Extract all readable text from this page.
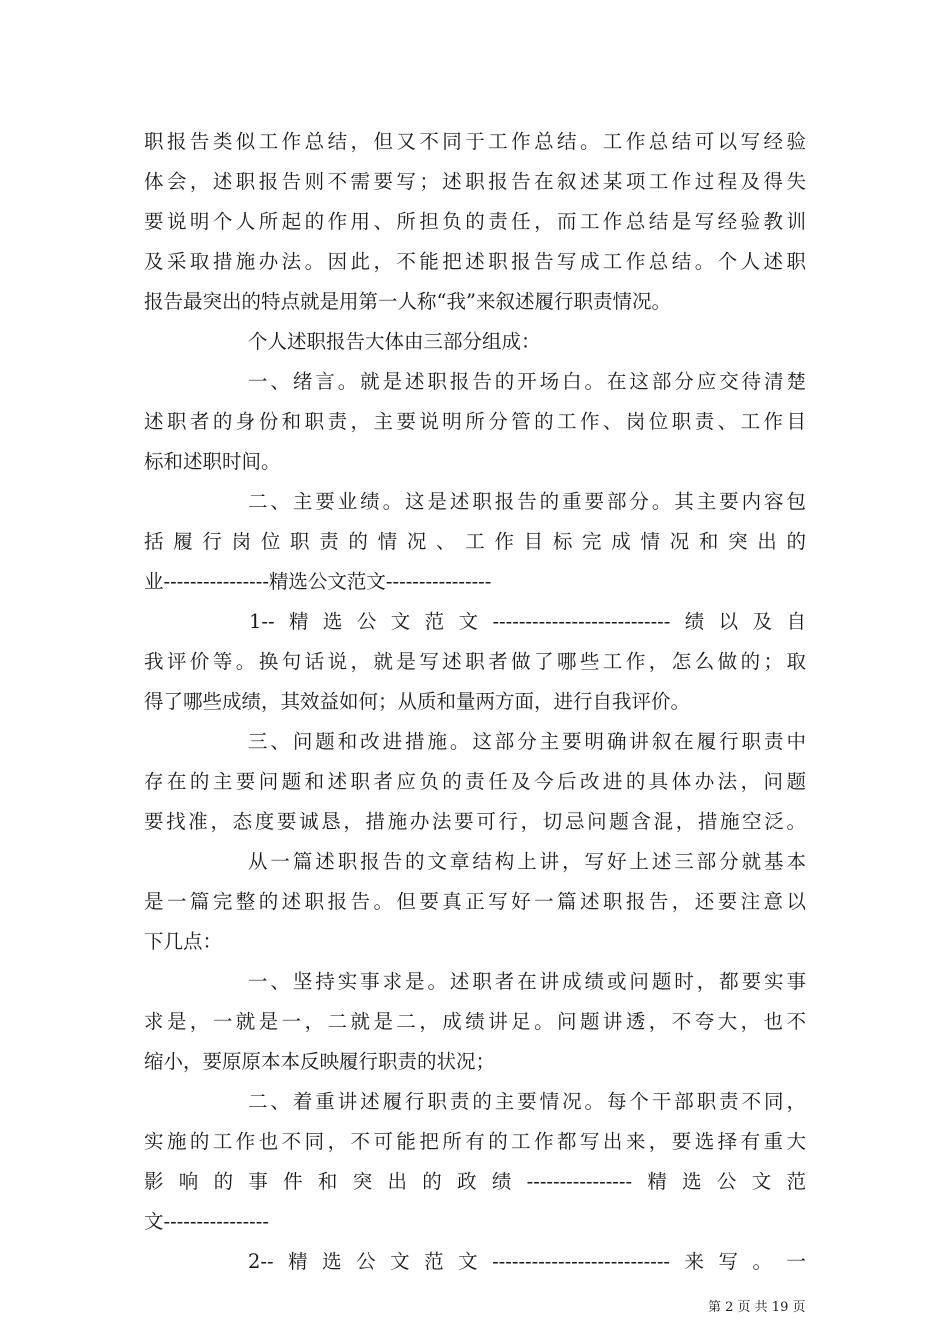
职报告类似工作总结，但又不同于工作总结。工作总结可以写经验
体会，述职报告则不需要写；述职报告在叙述某项工作过程及得失
要说明个人所起的作用、所担负的责任，而工作总结是写经验教训
及采取措施办法。因此，不能把述职报告写成工作总结。个人述职
报告最突出的特点就是用第一人称“我”来叙述履行职责情况。
个人述职报告大体由三部分组成：
一、绪言。就是述职报告的开场白。在这部分应交待清楚
述职者的身份和职责，主要说明所分管的工作、岗位职责、工作目
标和述职时间。
二、主要业绩。这是述职报告的重要部分。其主要内容包
括履行岗位职责的情况、工作目标完成情况和突出的
业----------------精选公文范文----------------
1--精选公文范文---------------------------绩以及自
我评价等。换句话说，就是写述职者做了哪些工作，怎么做的；取
得了哪些成绩，其效益如何；从质和量两方面，进行自我评价。
三、问题和改进措施。这部分主要明确讲叙在履行职责中
存在的主要问题和述职者应负的责任及今后改进的具体办法，问题
要找准，态度要诚恳，措施办法要可行，切忌问题含混，措施空泛。
从一篇述职报告的文章结构上讲，写好上述三部分就基本
是一篇完整的述职报告。但要真正写好一篇述职报告，还要注意以
下几点：
一、坚持实事求是。述职者在讲成绩或问题时，都要实事
求是，一就是一，二就是二，成绩讲足。问题讲透，不夸大，也不
缩小，要原原本本反映履行职责的状况；
二、着重讲述履行职责的主要情况。每个干部职责不同，
实施的工作也不同，不可能把所有的工作都写出来，要选择有重大
影响的事件和突出的政绩----------------精选公文范
文----------------
2--精选公文范文---------------------------来写。一
第 2 页 共 19 页
